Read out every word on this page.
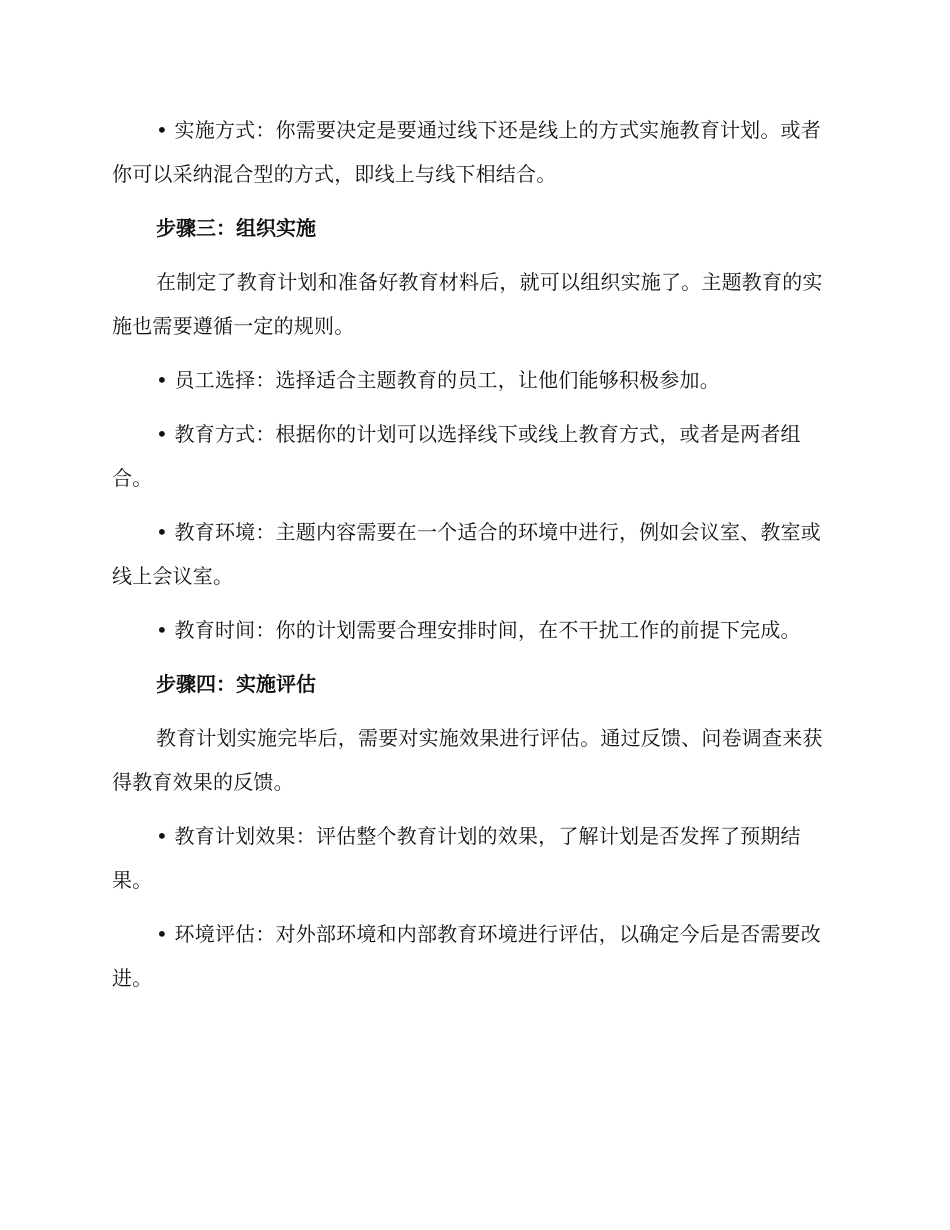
• 实施方式：你需要决定是要通过线下还是线上的方式实施教育计划。或者你可以采纳混合型的方式，即线上与线下相结合。

步骤三：组织实施

在制定了教育计划和准备好教育材料后，就可以组织实施了。主题教育的实施也需要遵循一定的规则。

• 员工选择：选择适合主题教育的员工，让他们能够积极参加。

• 教育方式：根据你的计划可以选择线下或线上教育方式，或者是两者组合。

• 教育环境：主题内容需要在一个适合的环境中进行，例如会议室、教室或线上会议室。

• 教育时间：你的计划需要合理安排时间，在不干扰工作的前提下完成。

步骤四：实施评估

教育计划实施完毕后，需要对实施效果进行评估。通过反馈、问卷调查来获得教育效果的反馈。

• 教育计划效果：评估整个教育计划的效果，了解计划是否发挥了预期结果。

• 环境评估：对外部环境和内部教育环境进行评估，以确定今后是否需要改进。
